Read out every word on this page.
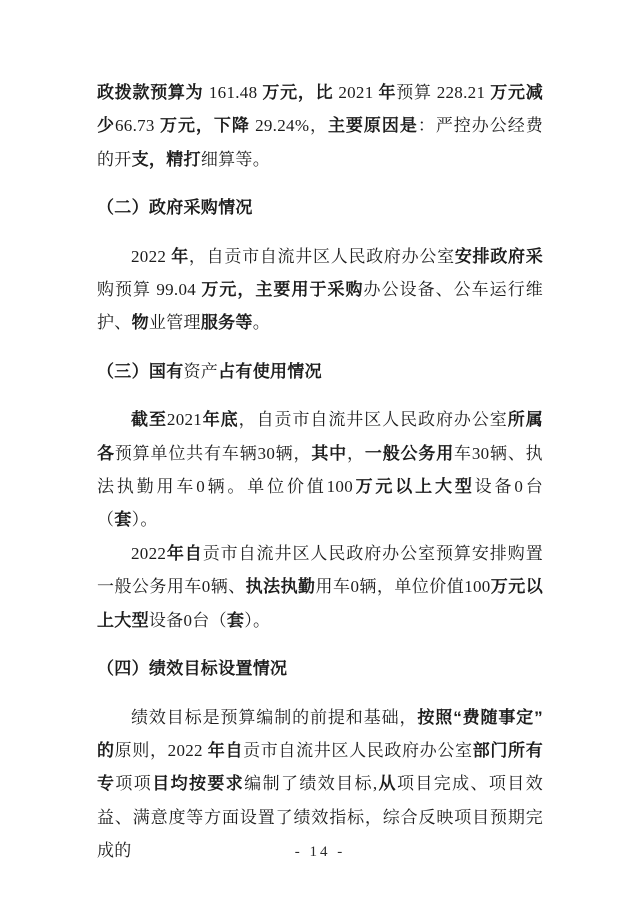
政拨款预算为 161.48 万元，比 2021 年预算 228.21 万元减少66.73 万元，下降 29.24%，主要原因是：严控办公经费的开支，精打细算等。

（二）政府采购情况

2022 年，自贡市自流井区人民政府办公室安排政府采购预算 99.04 万元，主要用于采购办公设备、公车运行维护、物业管理服务等。

（三）国有资产占有使用情况

截至2021年底，自贡市自流井区人民政府办公室所属各预算单位共有车辆30辆，其中，一般公务用车30辆、执法执勤用车0辆。单位价值100万元以上大型设备0台（套）。

2022年自贡市自流井区人民政府办公室预算安排购置一般公务用车0辆、执法执勤用车0辆，单位价值100万元以上大型设备0台（套）。

（四）绩效目标设置情况

绩效目标是预算编制的前提和基础，按照“费随事定”的原则，2022 年自贡市自流井区人民政府办公室部门所有专项项目均按要求编制了绩效目标,从项目完成、项目效益、满意度等方面设置了绩效指标，综合反映项目预期完成的	- 14 -
